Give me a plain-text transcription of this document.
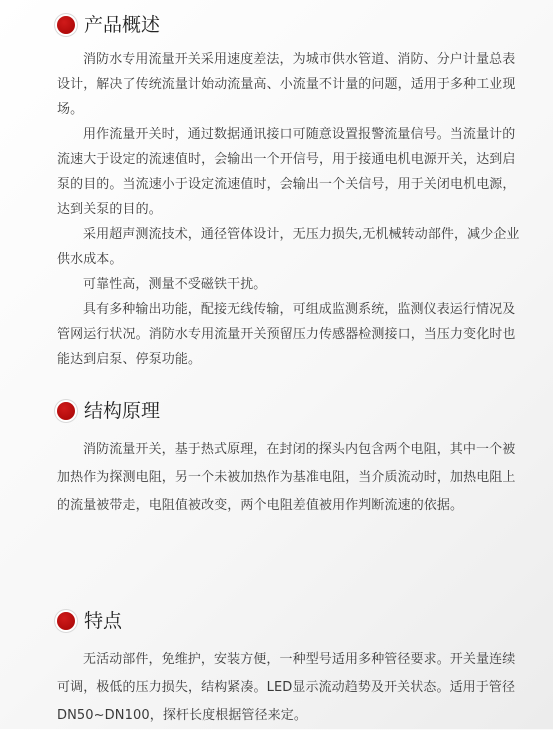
产品概述

消防水专用流量开关采用速度差法，为城市供水管道、消防、分户计量总表设计，解决了传统流量计始动流量高、小流量不计量的问题，适用于多种工业现场。

用作流量开关时，通过数据通讯接口可随意设置报警流量信号。当流量计的流速大于设定的流速值时，会输出一个开信号，用于接通电机电源开关，达到启泵的目的。当流速小于设定流速值时，会输出一个关信号，用于关闭电机电源，达到关泵的目的。

采用超声测流技术，通径管体设计，无压力损失,无机械转动部件，减少企业供水成本。

可靠性高，测量不受磁铁干扰。

具有多种输出功能，配接无线传输，可组成监测系统，监测仪表运行情况及管网运行状况。消防水专用流量开关预留压力传感器检测接口，当压力变化时也能达到启泵、停泵功能。

结构原理

消防流量开关，基于热式原理，在封闭的探头内包含两个电阻，其中一个被加热作为探测电阻，另一个未被加热作为基准电阻，当介质流动时，加热电阻上的流量被带走，电阻值被改变，两个电阻差值被用作判断流速的依据。

特点

无活动部件，免维护，安装方便，一种型号适用多种管径要求。开关量连续可调，极低的压力损失，结构紧凑。LED显示流动趋势及开关状态。适用于管径DN50~DN100，探杆长度根据管径来定。
